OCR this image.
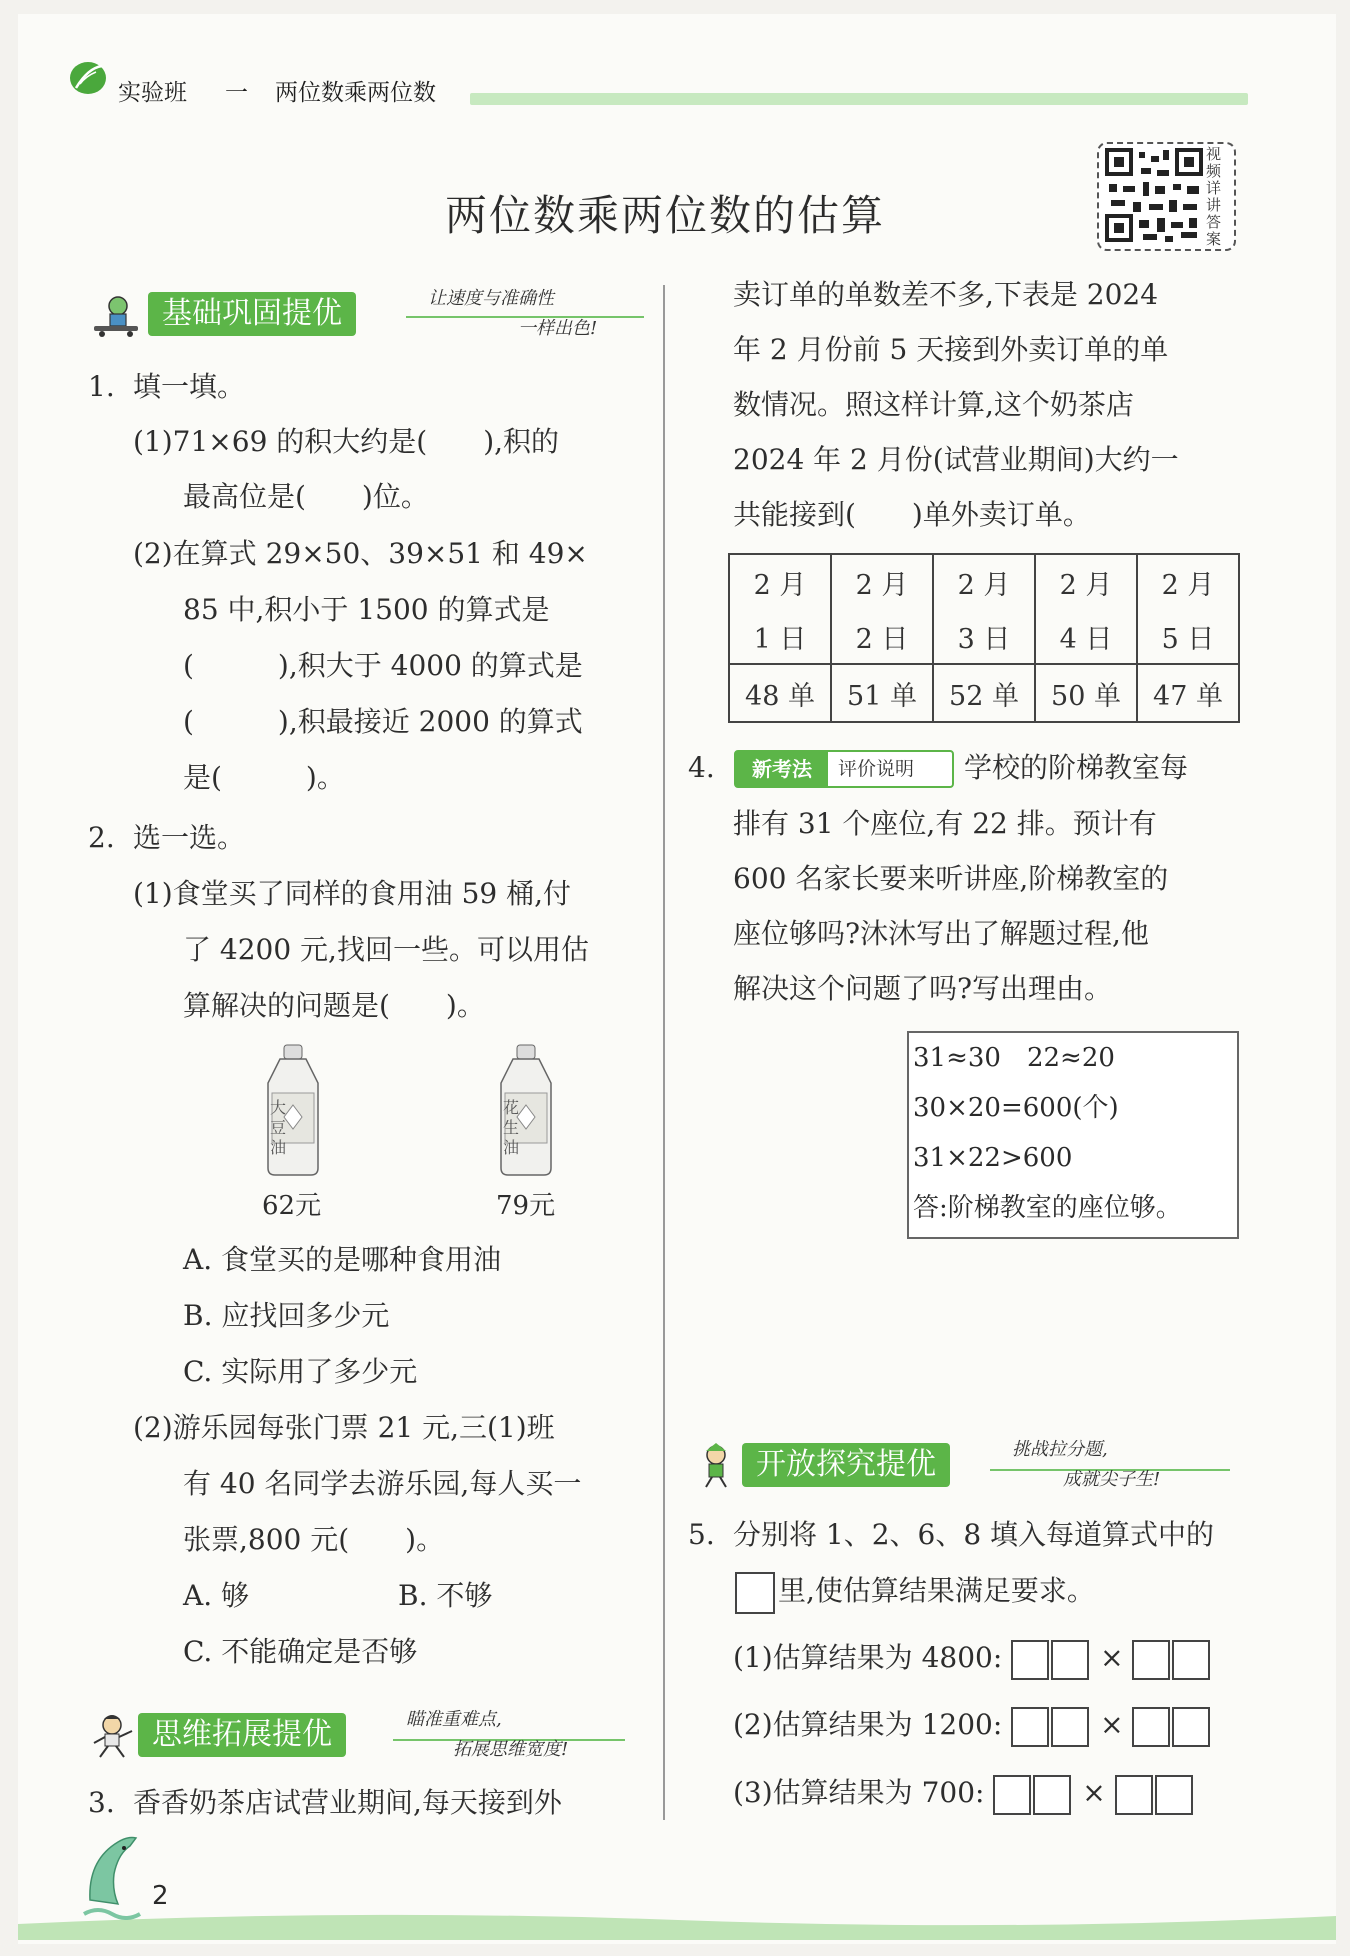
实验班 一 两位数乘两位数
两位数乘两位数的估算
视频详讲答案
基础巩固提优	让速度与准确性
一样出色!
1. 填一填。
(1)71×69 的积大约是(　　),积的
最高位是(　　)位。
(2)在算式 29×50、39×51 和 49×
85 中,积小于 1500 的算式是
(　　　),积大于 4000 的算式是
(　　　),积最接近 2000 的算式
是(　　　)。
2. 选一选。
(1)食堂买了同样的食用油 59 桶,付
了 4200 元,找回一些。可以用估
算解决的问题是(　　)。
大豆油
62元
花生油
79元
A. 食堂买的是哪种食用油
B. 应找回多少元
C. 实际用了多少元
(2)游乐园每张门票 21 元,三(1)班
有 40 名同学去游乐园,每人买一
张票,800 元(　　)。
A. 够	B. 不够
C. 不能确定是否够
思维拓展提优	瞄准重难点,
拓展思维宽度!
3. 香香奶茶店试营业期间,每天接到外
卖订单的单数差不多,下表是 2024
年 2 月份前 5 天接到外卖订单的单
数情况。照这样计算,这个奶茶店
2024 年 2 月份(试营业期间)大约一
共能接到(　　)单外卖订单。
2 月	2 月	2 月	2 月	2 月
1 日	2 日	3 日	4 日	5 日
48 单	51 单	52 单	50 单	47 单
4.	新考法	评价说明 学校的阶梯教室每
排有 31 个座位,有 22 排。预计有
600 名家长要来听讲座,阶梯教室的
座位够吗?沐沐写出了解题过程,他
解决这个问题了吗?写出理由。
31≈30　22≈20
30×20=600(个)
31×22>600
答:阶梯教室的座位够。
开放探究提优	挑战拉分题,
成就尖子生!
5. 分别将 1、2、6、8 填入每道算式中的
里,使估算结果满足要求。
(1)估算结果为 4800:	×
(2)估算结果为 1200:	×
(3)估算结果为 700:	×
2
